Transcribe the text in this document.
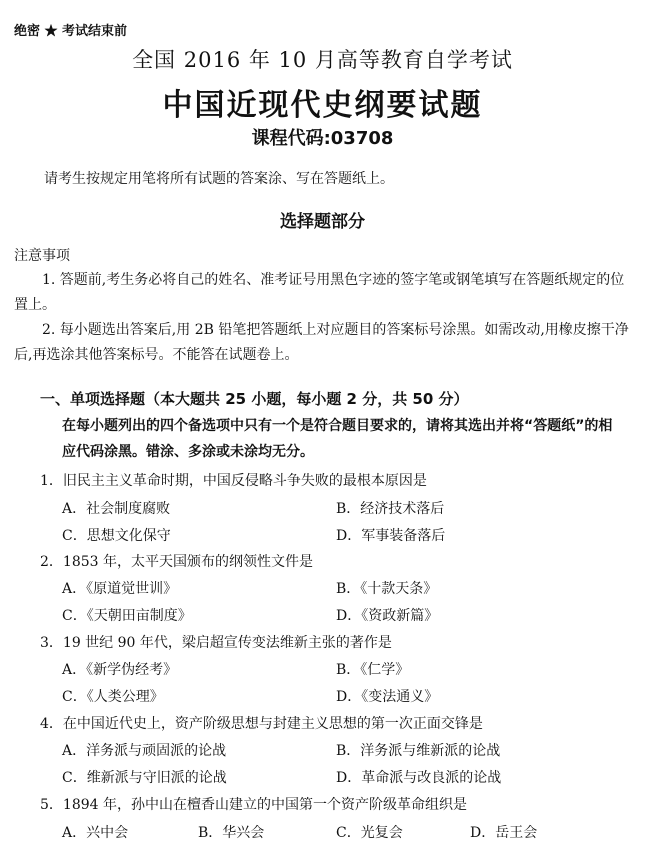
绝密 ★ 考试结束前
全国 2016 年 10 月高等教育自学考试
中国近现代史纲要试题
课程代码:03708
请考生按规定用笔将所有试题的答案涂、写在答题纸上。
选择题部分
注意事项
1. 答题前,考生务必将自己的姓名、准考证号用黑色字迹的签字笔或钢笔填写在答题纸规定的位置上。
2. 每小题选出答案后,用 2B 铅笔把答题纸上对应题目的答案标号涂黑。如需改动,用橡皮擦干净后,再选涂其他答案标号。不能答在试题卷上。
一、单项选择题（本大题共 25 小题，每小题 2 分，共 50 分）
在每小题列出的四个备选项中只有一个是符合题目要求的，请将其选出并将“答题纸”的相应代码涂黑。错涂、多涂或未涂均无分。
1．旧民主主义革命时期，中国反侵略斗争失败的最根本原因是
A．社会制度腐败	B．经济技术落后
C．思想文化保守	D．军事装备落后
2．1853 年，太平天国颁布的纲领性文件是
A．《原道觉世训》	B．《十款天条》
C．《天朝田亩制度》	D．《资政新篇》
3．19 世纪 90 年代，梁启超宣传变法维新主张的著作是
A．《新学伪经考》	B．《仁学》
C．《人类公理》	D．《变法通义》
4．在中国近代史上，资产阶级思想与封建主义思想的第一次正面交锋是
A．洋务派与顽固派的论战	B．洋务派与维新派的论战
C．维新派与守旧派的论战	D．革命派与改良派的论战
5．1894 年，孙中山在檀香山建立的中国第一个资产阶级革命组织是
A．兴中会	B．华兴会	C．光复会	D．岳王会
